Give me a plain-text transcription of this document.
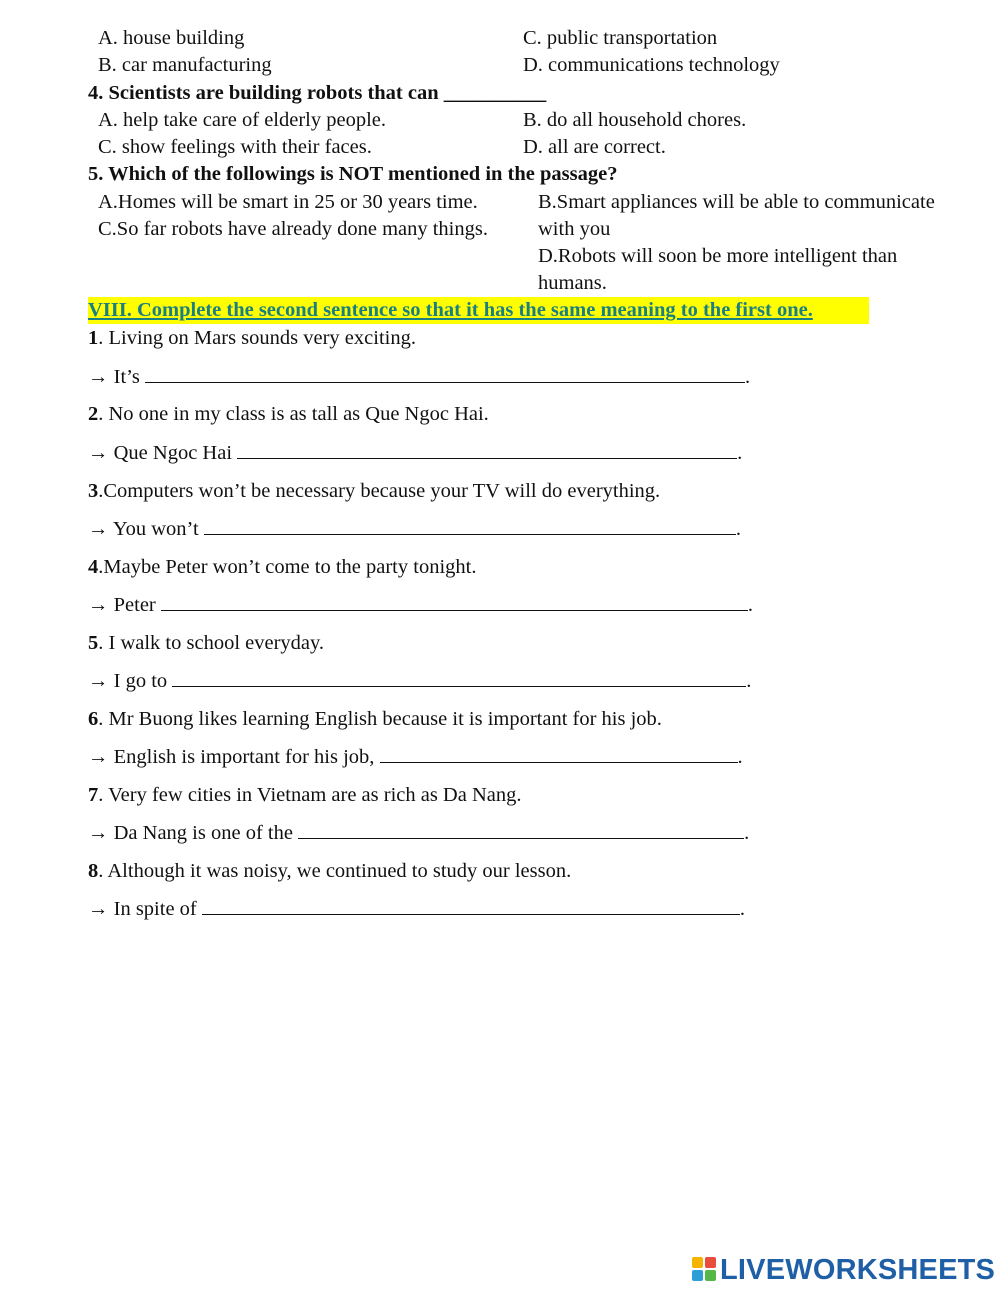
A. house building	C. public transportation
B. car manufacturing	D. communications technology
4. Scientists are building robots that can __________
A. help take care of elderly people.	B. do all household chores.
C. show feelings with their faces.	D. all are correct.
5. Which of the followings is NOT mentioned in the passage?
A.Homes will be smart in 25 or 30 years time.	B.Smart appliances will be able to communicate
C.So far robots have already done many things. with you
D.Robots will soon be more intelligent than
humans.
VIII. Complete the second sentence so that it has the same meaning to the first one.
1. Living on Mars sounds very exciting.
→ It’s	.
2. No one in my class is as tall as Que Ngoc Hai.
→ Que Ngoc Hai	.
3.Computers won’t be necessary because your TV will do everything.
→ You won’t	.
4.Maybe Peter won’t come to the party tonight.
→ Peter	.
5. I walk to school everyday.
→ I go to	.
6. Mr Buong likes learning English because it is important for his job.
→ English is important for his job,	.
7. Very few cities in Vietnam are as rich as Da Nang.
→ Da Nang is one of the	.
8. Although it was noisy, we continued to study our lesson.
→ In spite of	.
LIVEWORKSHEETS
